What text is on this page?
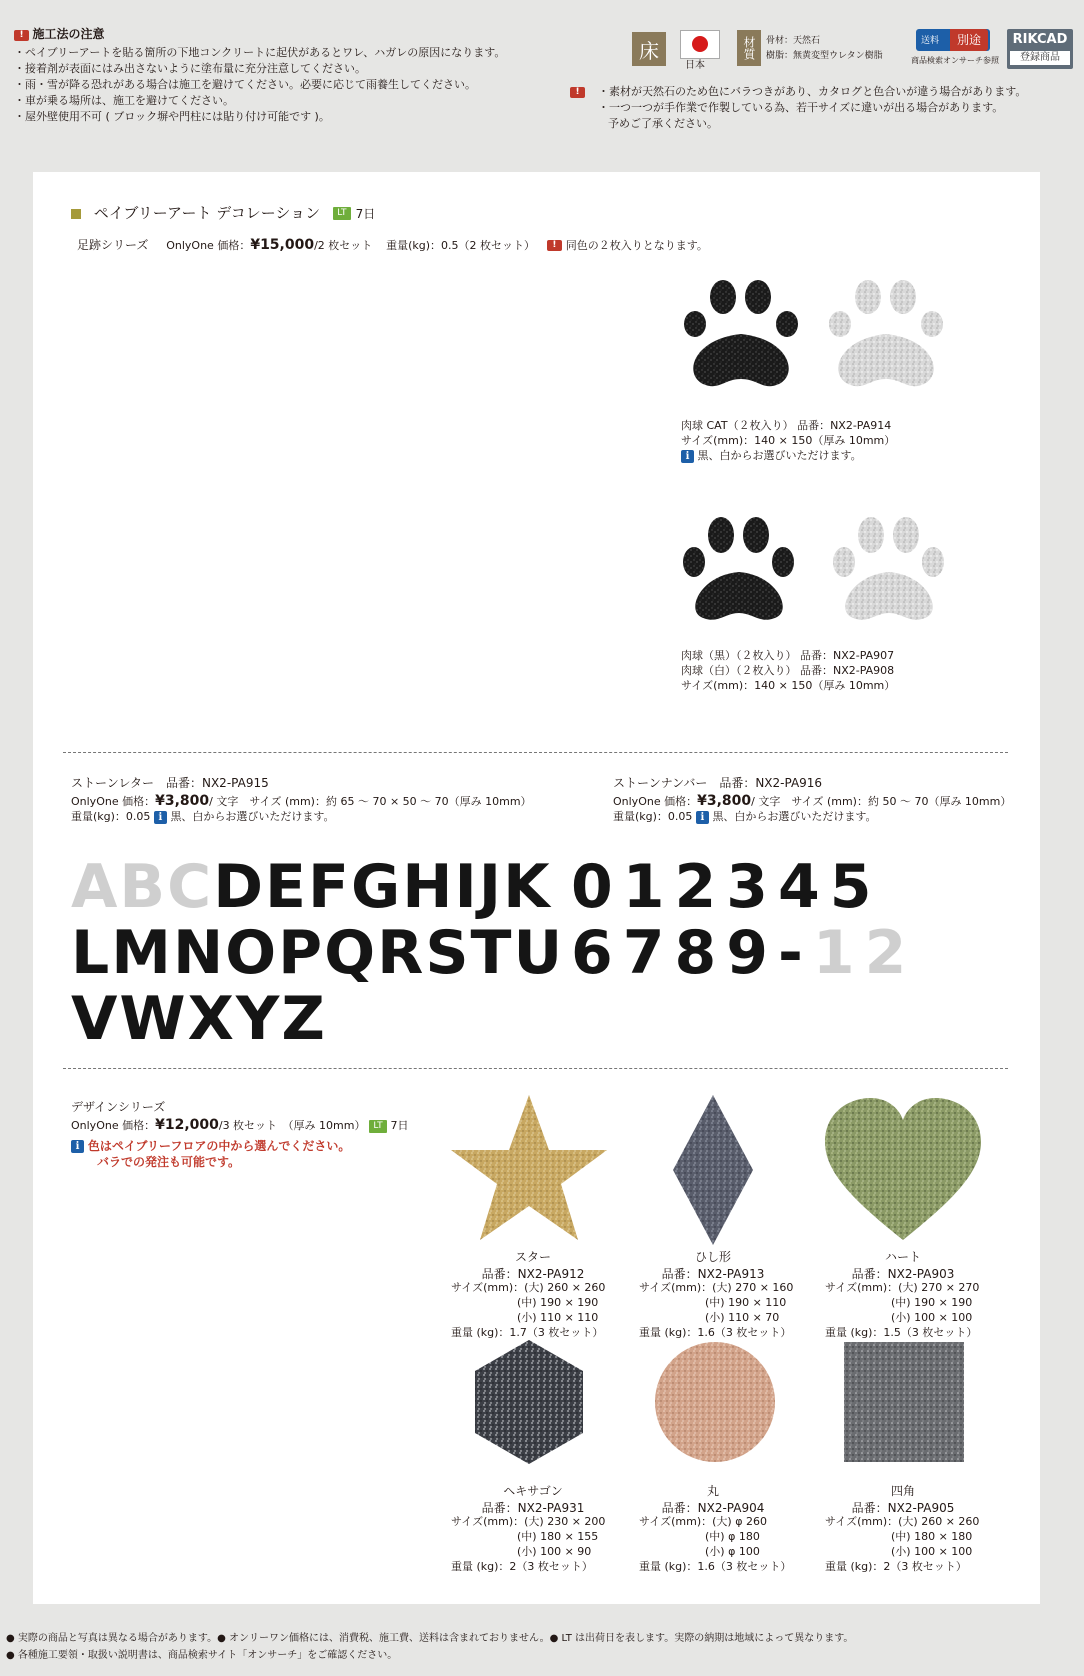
! 施工法の注意
・ペイブリーアートを貼る箇所の下地コンクリートに起伏があるとワレ、ハガレの原因になります。
・接着剤が表面にはみ出さないように塗布量に充分注意してください。
・雨・雪が降る恐れがある場合は施工を避けてください。必要に応じて雨養生してください。
・車が乗る場所は、施工を避けてください。
・屋外壁使用不可 ( ブロック塀や門柱には貼り付け可能です )。
床
日本
材質 骨材：天然石
樹脂：無黄変型ウレタン樹脂
送料	別途
商品検索オンサーチ参照
RIKCAD
登録商品
!	・素材が天然石のため色にバラつきがあり、カタログと色合いが違う場合があります。
・一つ一つが手作業で作製している為、若干サイズに違いが出る場合があります。
予めご了承ください。
ペイブリーアート デコレーション LT 7日
足跡シリーズ OnlyOne 価格：¥15,000/2 枚セット 重量(kg)：0.5（2 枚セット） ! 同色の２枚入りとなります。
肉球 CAT（２枚入り） 品番：NX2-PA914
サイズ(mm)：140 × 150（厚み 10mm）
i 黒、白からお選びいただけます。
肉球（黒）（２枚入り） 品番：NX2-PA907
肉球（白）（２枚入り） 品番：NX2-PA908
サイズ(mm)：140 × 150（厚み 10mm）
ストーンレター　品番：NX2-PA915
OnlyOne 価格：¥3,800/ 文字　サイズ (mm)：約 65 ～ 70 × 50 ～ 70（厚み 10mm）
重量(kg)：0.05 i 黒、白からお選びいただけます。
ストーンナンバー　品番：NX2-PA916
OnlyOne 価格：¥3,800/ 文字　サイズ (mm)：約 50 ～ 70（厚み 10mm）
重量(kg)：0.05 i 黒、白からお選びいただけます。
ABCDEFGHIJK
LMNOPQRSTU
VWXYZ
012345
6789-12
デザインシリーズ
OnlyOne 価格：¥12,000/3 枚セット　（厚み 10mm） LT 7日
i 色はペイブリーフロアの中から選んでください。
バラでの発注も可能です。
スター
品番：NX2-PA912
サイズ(mm)：(大) 260 × 260
　　　　　　(中) 190 × 190
　　　　　　(小) 110 × 110
重量 (kg)：1.7（3 枚セット）
ひし形
品番：NX2-PA913
サイズ(mm)：(大) 270 × 160
　　　　　　(中) 190 × 110
　　　　　　(小) 110 × 70
重量 (kg)：1.6（3 枚セット）
ハート
品番：NX2-PA903
サイズ(mm)：(大) 270 × 270
　　　　　　(中) 190 × 190
　　　　　　(小) 100 × 100
重量 (kg)：1.5（3 枚セット）
ヘキサゴン
品番：NX2-PA931
サイズ(mm)：(大) 230 × 200
　　　　　　(中) 180 × 155
　　　　　　(小) 100 × 90
重量 (kg)：2（3 枚セット）
丸
品番：NX2-PA904
サイズ(mm)：(大) φ 260
　　　　　　(中) φ 180
　　　　　　(小) φ 100
重量 (kg)：1.6（3 枚セット）
四角
品番：NX2-PA905
サイズ(mm)：(大) 260 × 260
　　　　　　(中) 180 × 180
　　　　　　(小) 100 × 100
重量 (kg)：2（3 枚セット）
● 実際の商品と写真は異なる場合があります。● オンリーワン価格には、消費税、施工費、送料は含まれておりません。● LT は出荷日を表します。実際の納期は地域によって異なります。
● 各種施工要領・取扱い説明書は、商品検索サイト「オンサーチ」をご確認ください。
